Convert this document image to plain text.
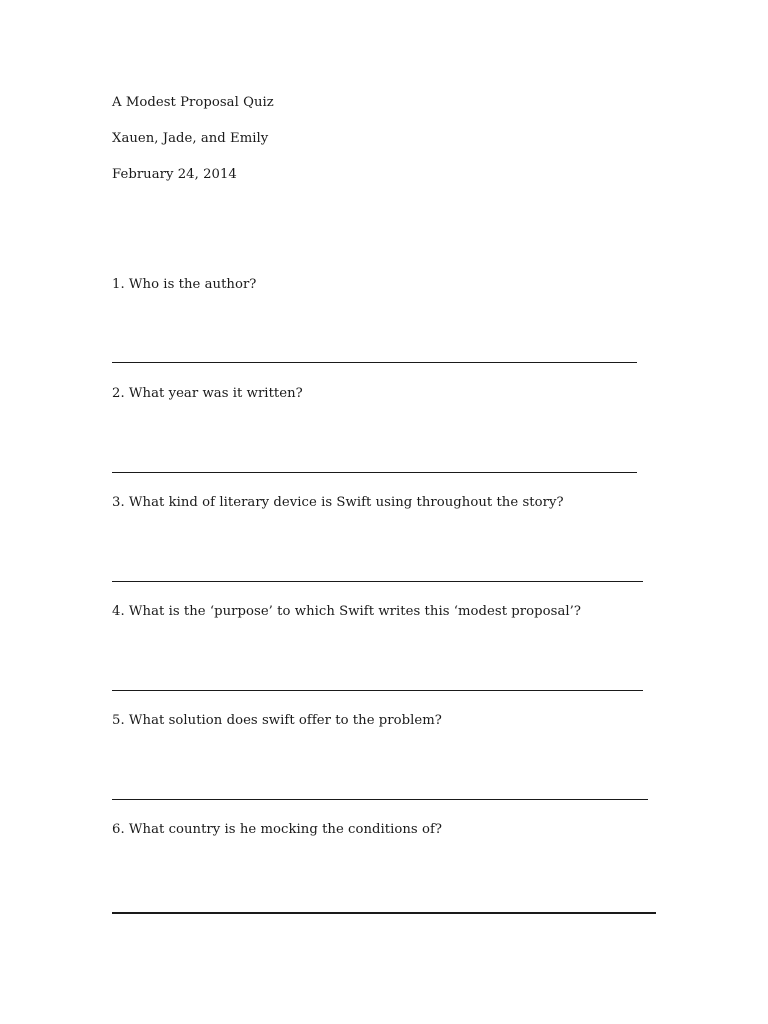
A Modest Proposal Quiz
Xauen, Jade, and Emily
February 24, 2014
1. Who is the author?
2. What year was it written?
3. What kind of literary device is Swift using throughout the story?
4. What is the ‘purpose’ to which Swift writes this ‘modest proposal’?
5. What solution does swift offer to the problem?
6. What country is he mocking the conditions of?
